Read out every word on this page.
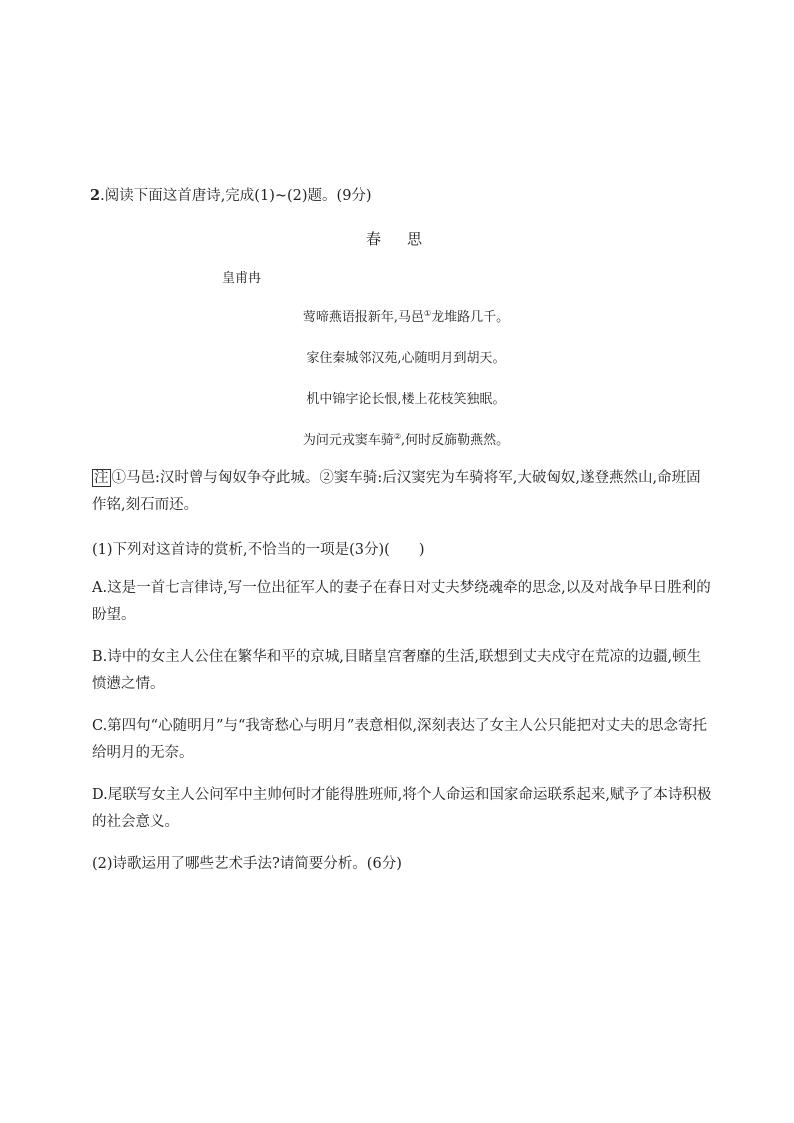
2.阅读下面这首唐诗,完成(1)~(2)题。(9分)
春思
皇甫冉
莺啼燕语报新年,马邑①龙堆路几千。
家住秦城邻汉苑,心随明月到胡天。
机中锦字论长恨,楼上花枝笑独眠。
为问元戎窦车骑②,何时反旆勒燕然。
注 ①马邑:汉时曾与匈奴争夺此城。②窦车骑:后汉窦宪为车骑将军,大破匈奴,遂登燕然山,命班固作铭,刻石而还。
(1)下列对这首诗的赏析,不恰当的一项是(3分)(　　)
A.这是一首七言律诗,写一位出征军人的妻子在春日对丈夫梦绕魂牵的思念,以及对战争早日胜利的盼望。
B.诗中的女主人公住在繁华和平的京城,目睹皇宫奢靡的生活,联想到丈夫戍守在荒凉的边疆,顿生愤懑之情。
C.第四句“心随明月”与“我寄愁心与明月”表意相似,深刻表达了女主人公只能把对丈夫的思念寄托给明月的无奈。
D.尾联写女主人公问军中主帅何时才能得胜班师,将个人命运和国家命运联系起来,赋予了本诗积极的社会意义。
(2)诗歌运用了哪些艺术手法?请简要分析。(6分)
